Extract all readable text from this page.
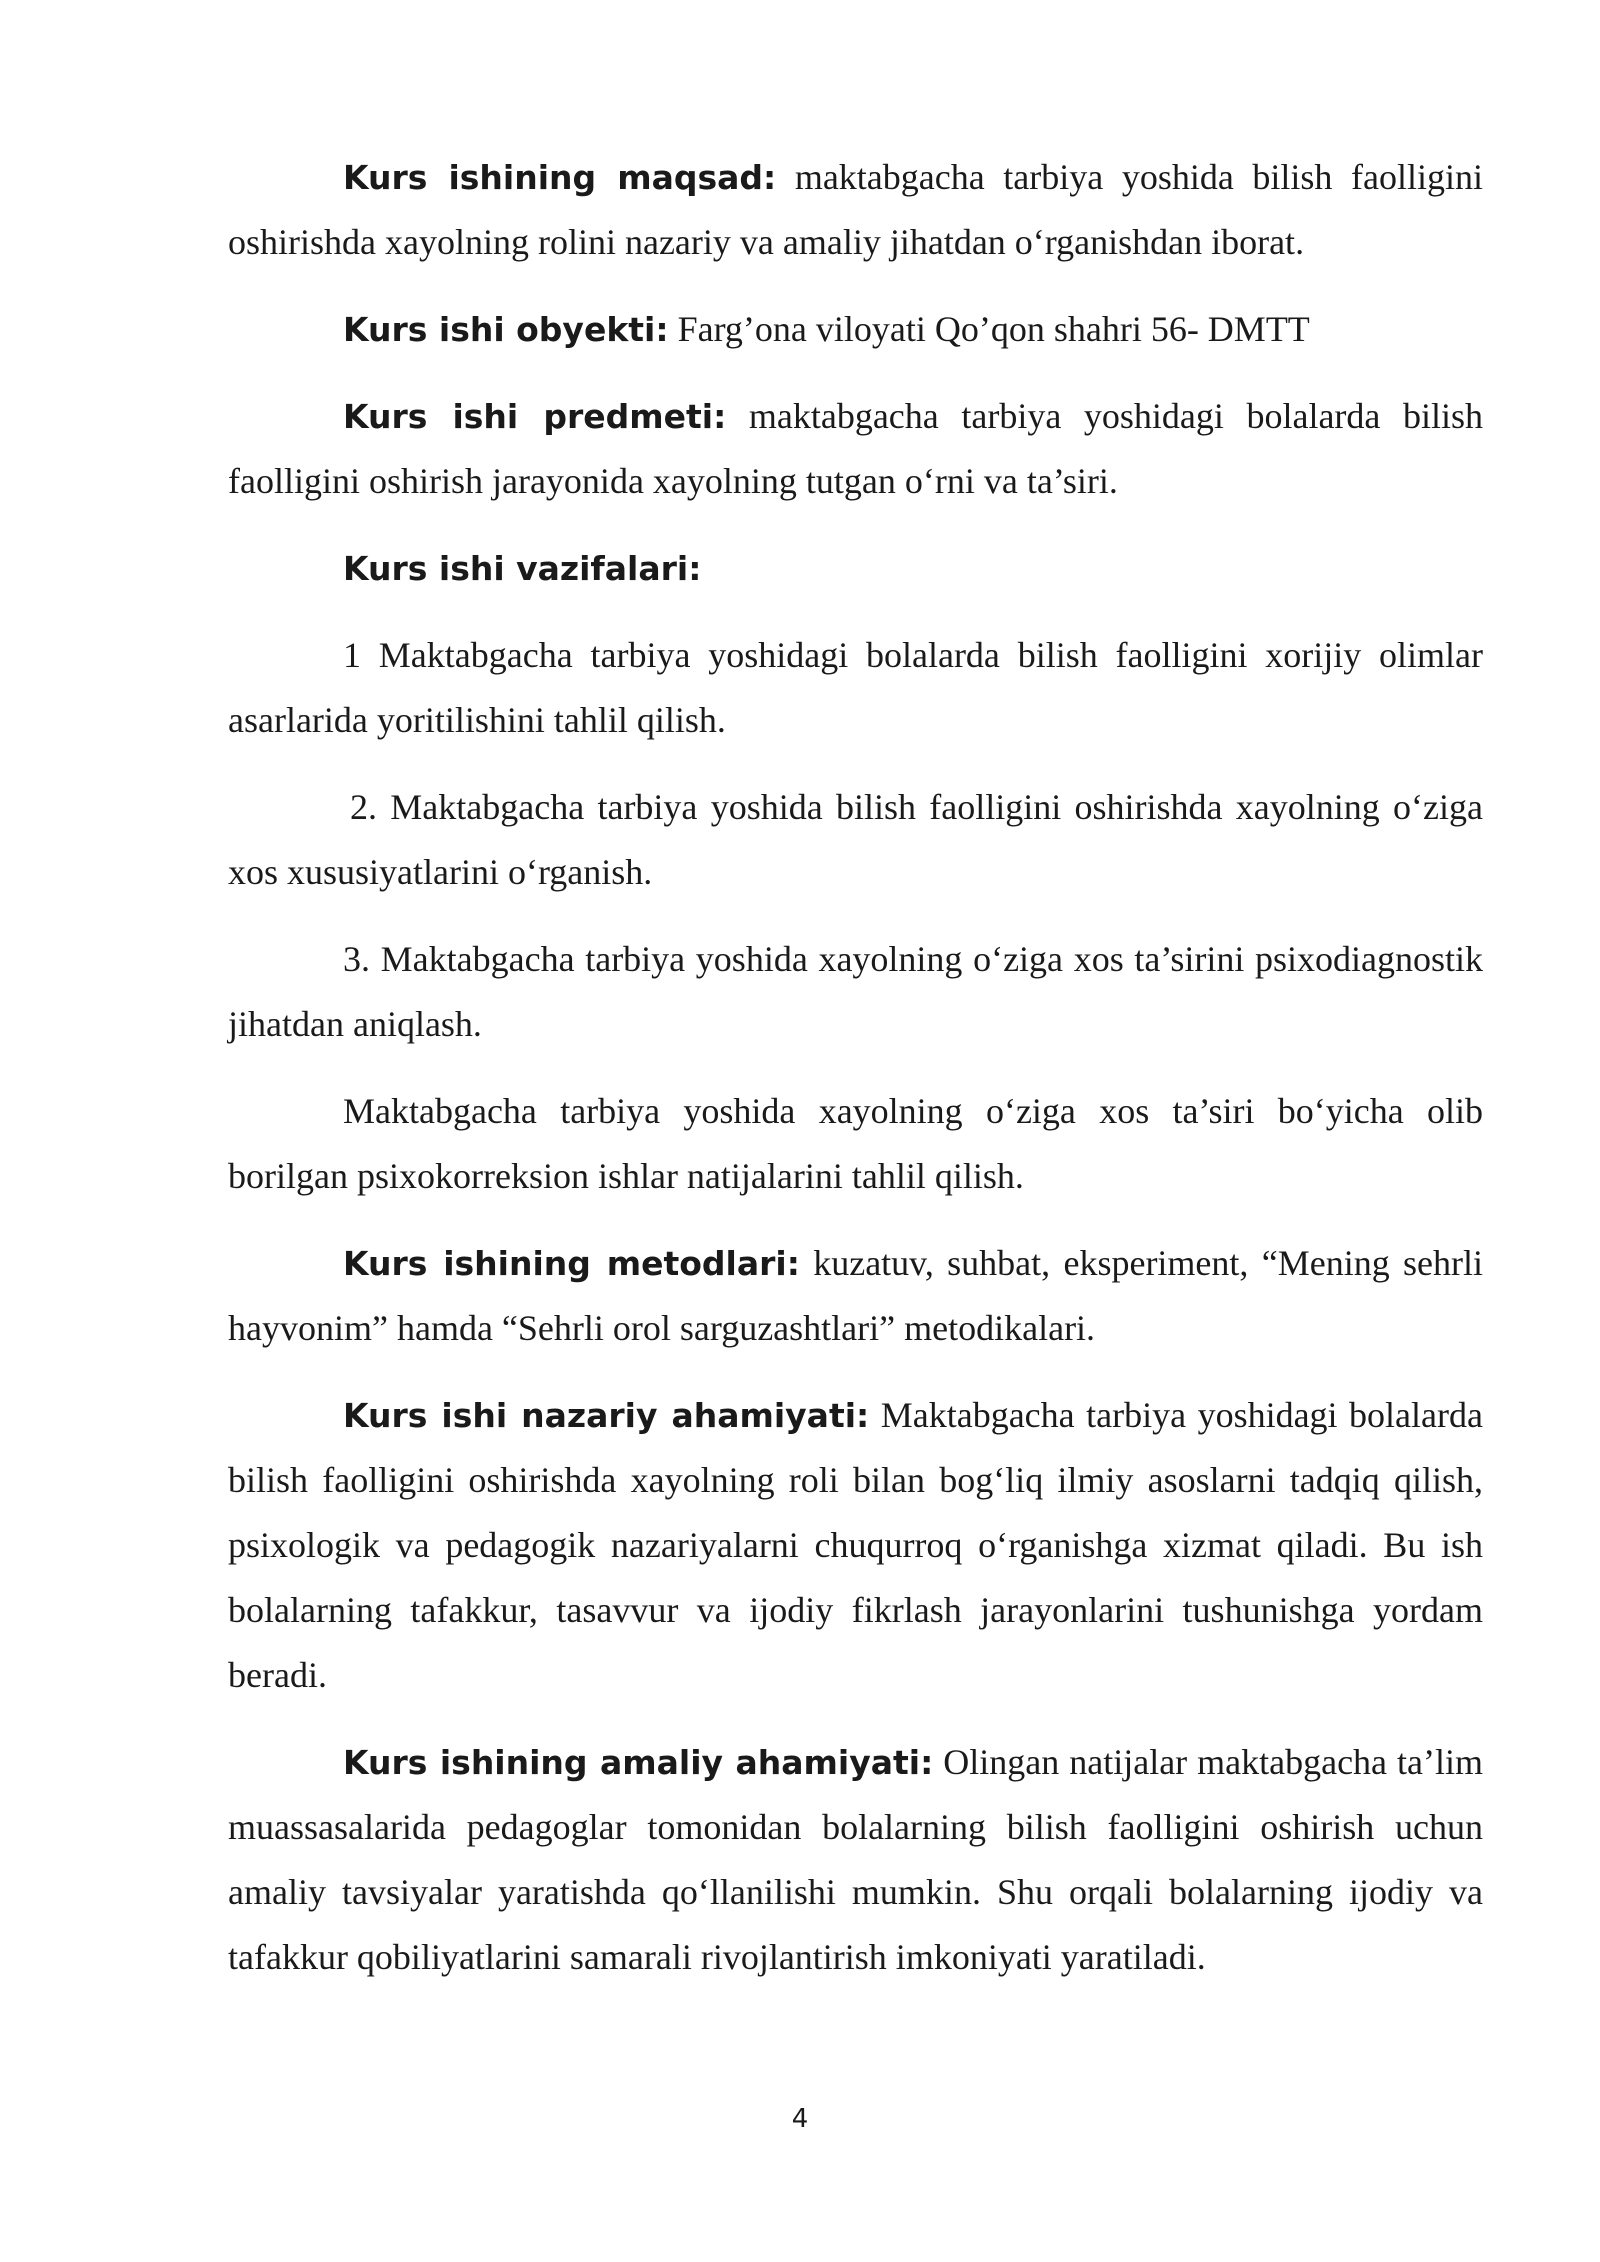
Kurs ishining maqsad: maktabgacha tarbiya yoshida bilish faolligini oshirishda xayolning rolini nazariy va amaliy jihatdan o‘rganishdan iborat.

Kurs ishi obyekti: Farg’ona viloyati Qo’qon shahri 56- DMTT

Kurs ishi predmeti: maktabgacha tarbiya yoshidagi bolalarda bilish faolligini oshirish jarayonida xayolning tutgan o‘rni va ta’siri.

Kurs ishi vazifalari:

1 Maktabgacha tarbiya yoshidagi bolalarda bilish faolligini xorijiy olimlar asarlarida yoritilishini tahlil qilish.

2. Maktabgacha tarbiya yoshida bilish faolligini oshirishda xayolning o‘ziga xos xususiyatlarini o‘rganish.

3. Maktabgacha tarbiya yoshida xayolning o‘ziga xos ta’sirini psixodiagnostik jihatdan aniqlash.

Maktabgacha tarbiya yoshida xayolning o‘ziga xos ta’siri bo‘yicha olib borilgan psixokorreksion ishlar natijalarini tahlil qilish.

Kurs ishining metodlari: kuzatuv, suhbat, eksperiment, “Mening sehrli hayvonim” hamda “Sehrli orol sarguzashtlari” metodikalari.

Kurs ishi nazariy ahamiyati: Maktabgacha tarbiya yoshidagi bolalarda bilish faolligini oshirishda xayolning roli bilan bog‘liq ilmiy asoslarni tadqiq qilish, psixologik va pedagogik nazariyalarni chuqurroq o‘rganishga xizmat qiladi. Bu ish bolalarning tafakkur, tasavvur va ijodiy fikrlash jarayonlarini tushunishga yordam beradi.

Kurs ishining amaliy ahamiyati: Olingan natijalar maktabgacha ta’lim muassasalarida pedagoglar tomonidan bolalarning bilish faolligini oshirish uchun amaliy tavsiyalar yaratishda qo‘llanilishi mumkin. Shu orqali bolalarning ijodiy va tafakkur qobiliyatlarini samarali rivojlantirish imkoniyati yaratiladi.

4
